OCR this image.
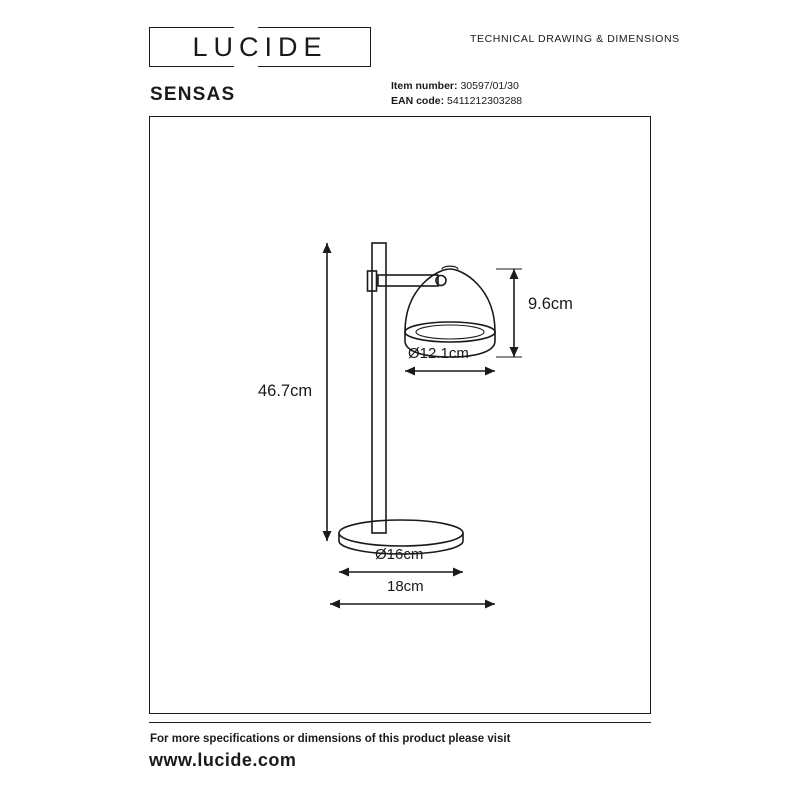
LUCIDE	TECHNICAL DRAWING & DIMENSIONS
SENSAS	Item number: 30597/01/30
EAN code: 5411212303288
46.7cm
9.6cm
Ø12.1cm
Ø16cm
18cm
For more specifications or dimensions of this product please visit
www.lucide.com
